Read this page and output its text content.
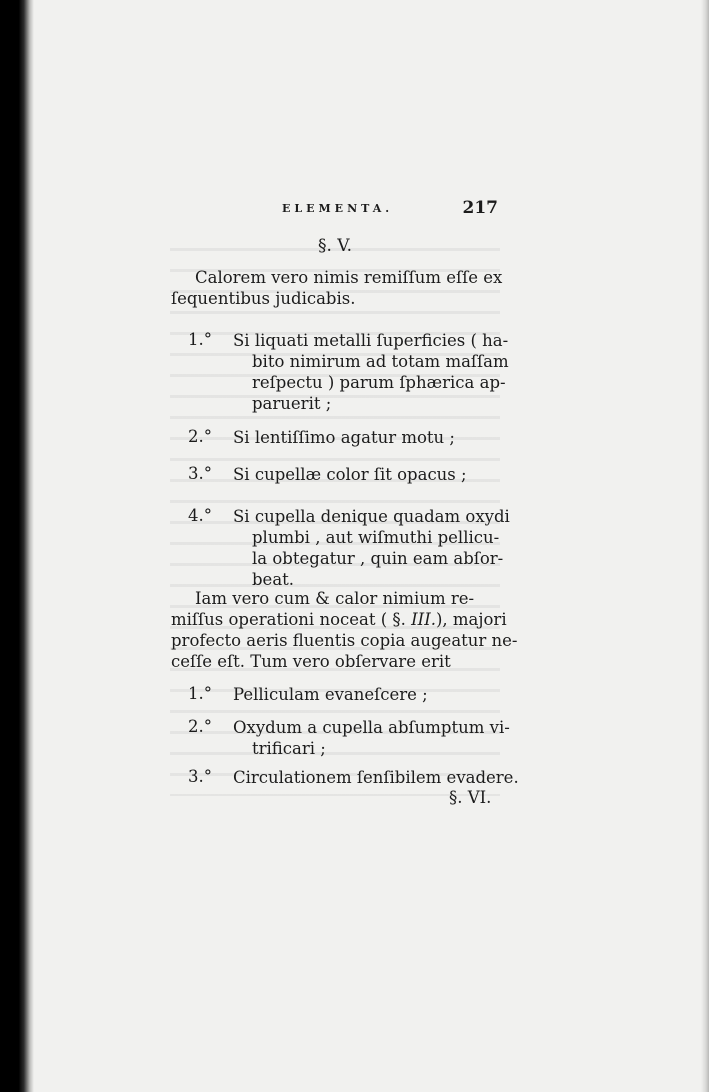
ELEMENTA.	217
§. V.
Calorem vero nimis remiſſum eſſe ex
ſequentibus judicabis.
1.° Si liquati metalli ſuperficies ( ha-
bito nimirum ad totam maſſam
reſpectu ) parum ſphærica ap-
paruerit ;
2.° Si lentiſſimo agatur motu ;
3.° Si cupellæ color ſit opacus ;
4.° Si cupella denique quadam oxydi
plumbi , aut wiſmuthi pellicu-
la obtegatur , quin eam abſor-
beat.
Iam vero cum & calor nimium re-
miſſus operationi noceat ( §. III.), majori
profecto aeris fluentis copia augeatur ne-
ceſſe eſt. Tum vero obſervare erit
1.° Pelliculam evaneſcere ;
2.° Oxydum a cupella abſumptum vi-
trificari ;
3.° Circulationem ſenſibilem evadere.
§. VI.
